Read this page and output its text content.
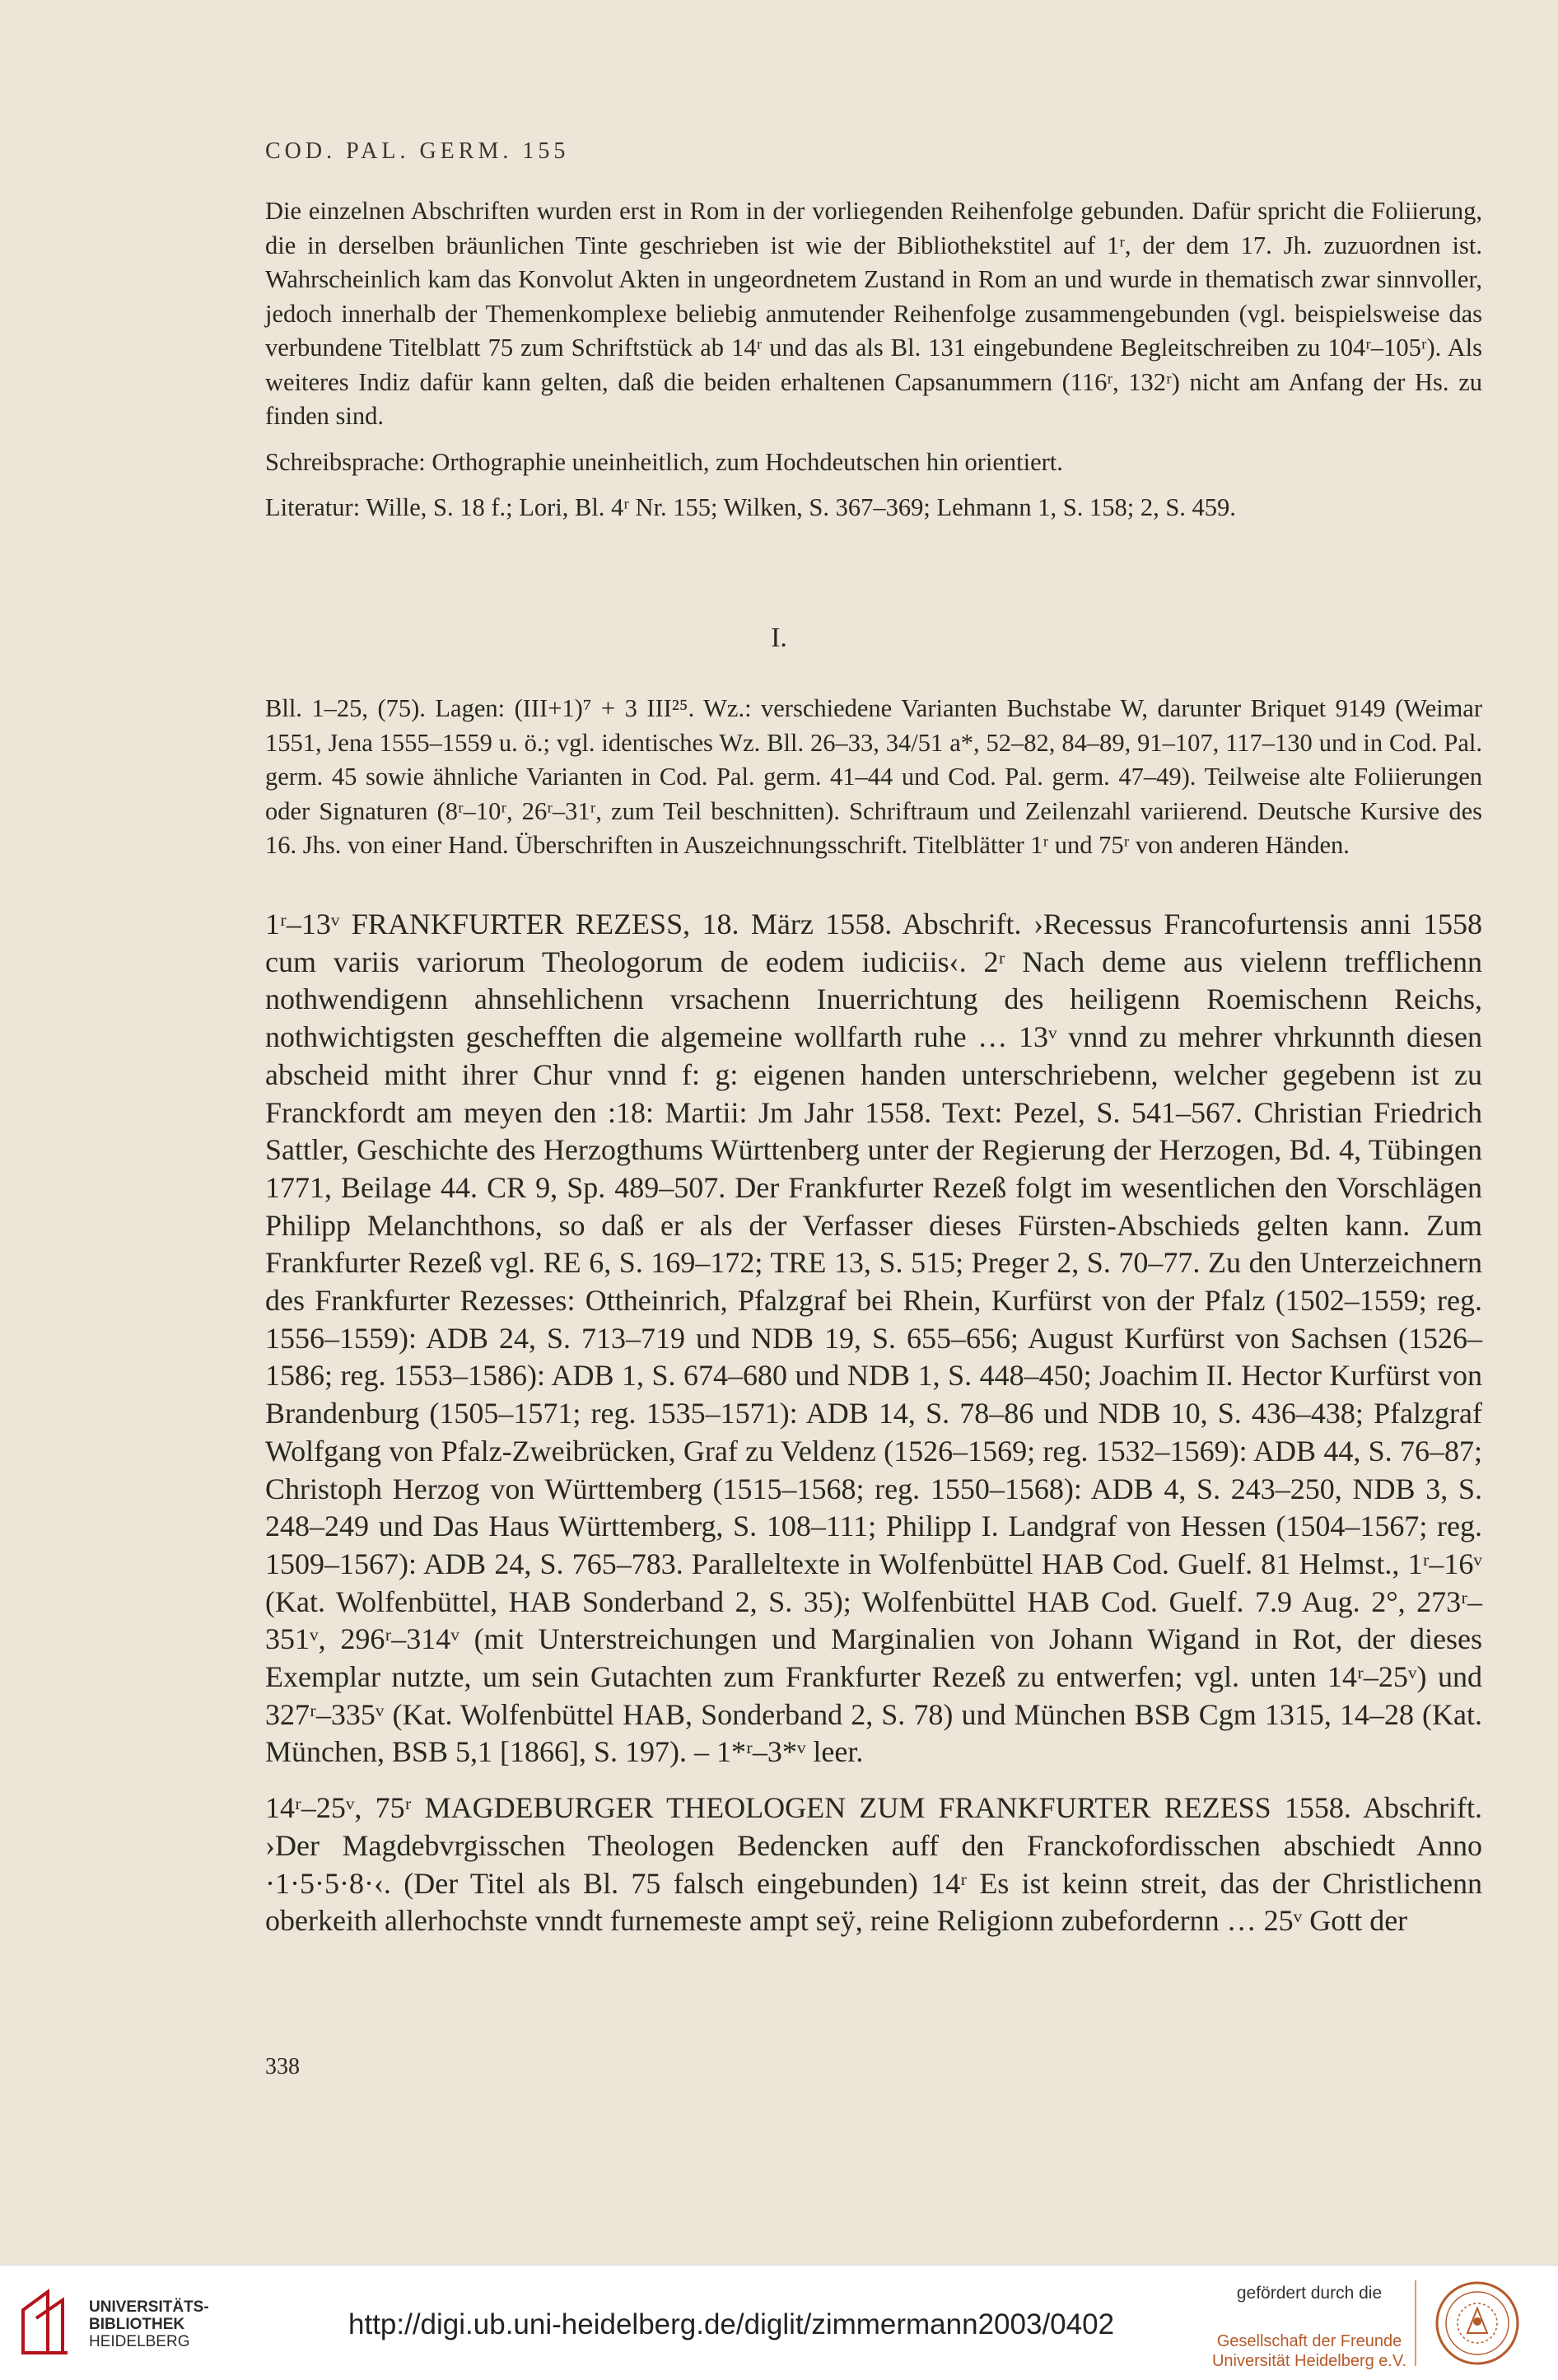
COD. PAL. GERM. 155

Die einzelnen Abschriften wurden erst in Rom in der vorliegenden Reihenfolge gebunden. Dafür spricht die Foliierung, die in derselben bräunlichen Tinte geschrieben ist wie der Bibliothekstitel auf 1ʳ, der dem 17. Jh. zuzuordnen ist. Wahrscheinlich kam das Konvolut Akten in ungeordnetem Zustand in Rom an und wurde in thematisch zwar sinnvoller, jedoch innerhalb der Themenkomplexe beliebig anmutender Reihenfolge zusammengebunden (vgl. beispielsweise das verbundene Titelblatt 75 zum Schriftstück ab 14ʳ und das als Bl. 131 eingebundene Begleitschreiben zu 104ʳ–105ʳ). Als weiteres Indiz dafür kann gelten, daß die beiden erhaltenen Capsanummern (116ʳ, 132ʳ) nicht am Anfang der Hs. zu finden sind.

Schreibsprache: Orthographie uneinheitlich, zum Hochdeutschen hin orientiert.

Literatur: Wille, S. 18 f.; Lori, Bl. 4ʳ Nr. 155; Wilken, S. 367–369; Lehmann 1, S. 158; 2, S. 459.

I.

Bll. 1–25, (75). Lagen: (III+1)⁷ + 3 III²⁵. Wz.: verschiedene Varianten Buchstabe W, darunter Briquet 9149 (Weimar 1551, Jena 1555–1559 u. ö.; vgl. identisches Wz. Bll. 26–33, 34/51 a*, 52–82, 84–89, 91–107, 117–130 und in Cod. Pal. germ. 45 sowie ähnliche Varianten in Cod. Pal. germ. 41–44 und Cod. Pal. germ. 47–49). Teilweise alte Foliierungen oder Signaturen (8ʳ–10ʳ, 26ʳ–31ʳ, zum Teil beschnitten). Schriftraum und Zeilenzahl variierend. Deutsche Kursive des 16. Jhs. von einer Hand. Überschriften in Auszeichnungsschrift. Titelblätter 1ʳ und 75ʳ von anderen Händen.

1ʳ–13ᵛ FRANKFURTER REZESS, 18. März 1558. Abschrift. ›Recessus Francofurtensis anni 1558 cum variis variorum Theologorum de eodem iudiciis‹. 2ʳ Nach deme aus vielenn trefflichenn nothwendigenn ahnsehlichenn vrsachenn Inuerrichtung des heiligenn Roemischenn Reichs, nothwichtigsten geschefften die algemeine wollfarth ruhe … 13ᵛ vnnd zu mehrer vhrkunnth diesen abscheid mitht ihrer Chur vnnd f: g: eigenen handen unterschriebenn, welcher gegebenn ist zu Franckfordt am meyen den :18: Martii: Jm Jahr 1558. Text: Pezel, S. 541–567. Christian Friedrich Sattler, Geschichte des Herzogthums Württenberg unter der Regierung der Herzogen, Bd. 4, Tübingen 1771, Beilage 44. CR 9, Sp. 489–507. Der Frankfurter Rezeß folgt im wesentlichen den Vorschlägen Philipp Melanchthons, so daß er als der Verfasser dieses Fürsten-Abschieds gelten kann. Zum Frankfurter Rezeß vgl. RE 6, S. 169–172; TRE 13, S. 515; Preger 2, S. 70–77. Zu den Unterzeichnern des Frankfurter Rezesses: Ottheinrich, Pfalzgraf bei Rhein, Kurfürst von der Pfalz (1502–1559; reg. 1556–1559): ADB 24, S. 713–719 und NDB 19, S. 655–656; August Kurfürst von Sachsen (1526–1586; reg. 1553–1586): ADB 1, S. 674–680 und NDB 1, S. 448–450; Joachim II. Hector Kurfürst von Brandenburg (1505–1571; reg. 1535–1571): ADB 14, S. 78–86 und NDB 10, S. 436–438; Pfalzgraf Wolfgang von Pfalz-Zweibrücken, Graf zu Veldenz (1526–1569; reg. 1532–1569): ADB 44, S. 76–87; Christoph Herzog von Württemberg (1515–1568; reg. 1550–1568): ADB 4, S. 243–250, NDB 3, S. 248–249 und Das Haus Württemberg, S. 108–111; Philipp I. Landgraf von Hessen (1504–1567; reg. 1509–1567): ADB 24, S. 765–783. Paralleltexte in Wolfenbüttel HAB Cod. Guelf. 81 Helmst., 1ʳ–16ᵛ (Kat. Wolfenbüttel, HAB Sonderband 2, S. 35); Wolfenbüttel HAB Cod. Guelf. 7.9 Aug. 2°, 273ʳ–351ᵛ, 296ʳ–314ᵛ (mit Unterstreichungen und Marginalien von Johann Wigand in Rot, der dieses Exemplar nutzte, um sein Gutachten zum Frankfurter Rezeß zu entwerfen; vgl. unten 14ʳ–25ᵛ) und 327ʳ–335ᵛ (Kat. Wolfenbüttel HAB, Sonderband 2, S. 78) und München BSB Cgm 1315, 14–28 (Kat. München, BSB 5,1 [1866], S. 197). – 1*ʳ–3*ᵛ leer.

14ʳ–25ᵛ, 75ʳ MAGDEBURGER THEOLOGEN ZUM FRANKFURTER REZESS 1558. Abschrift. ›Der Magdebvrgisschen Theologen Bedencken auff den Franckofordisschen abschiedt Anno ·1·5·5·8·‹. (Der Titel als Bl. 75 falsch eingebunden) 14ʳ Es ist keinn streit, das der Christlichenn oberkeith allerhochste vnndt furnemeste ampt seÿ, reine Religionn zubefordernn … 25ᵛ Gott der

338
UNIVERSITÄTS-
BIBLIOTHEK
HEIDELBERG
http://digi.ub.uni-heidelberg.de/diglit/zimmermann2003/0402
gefördert durch die
Gesellschaft der Freunde
Universität Heidelberg e.V.
